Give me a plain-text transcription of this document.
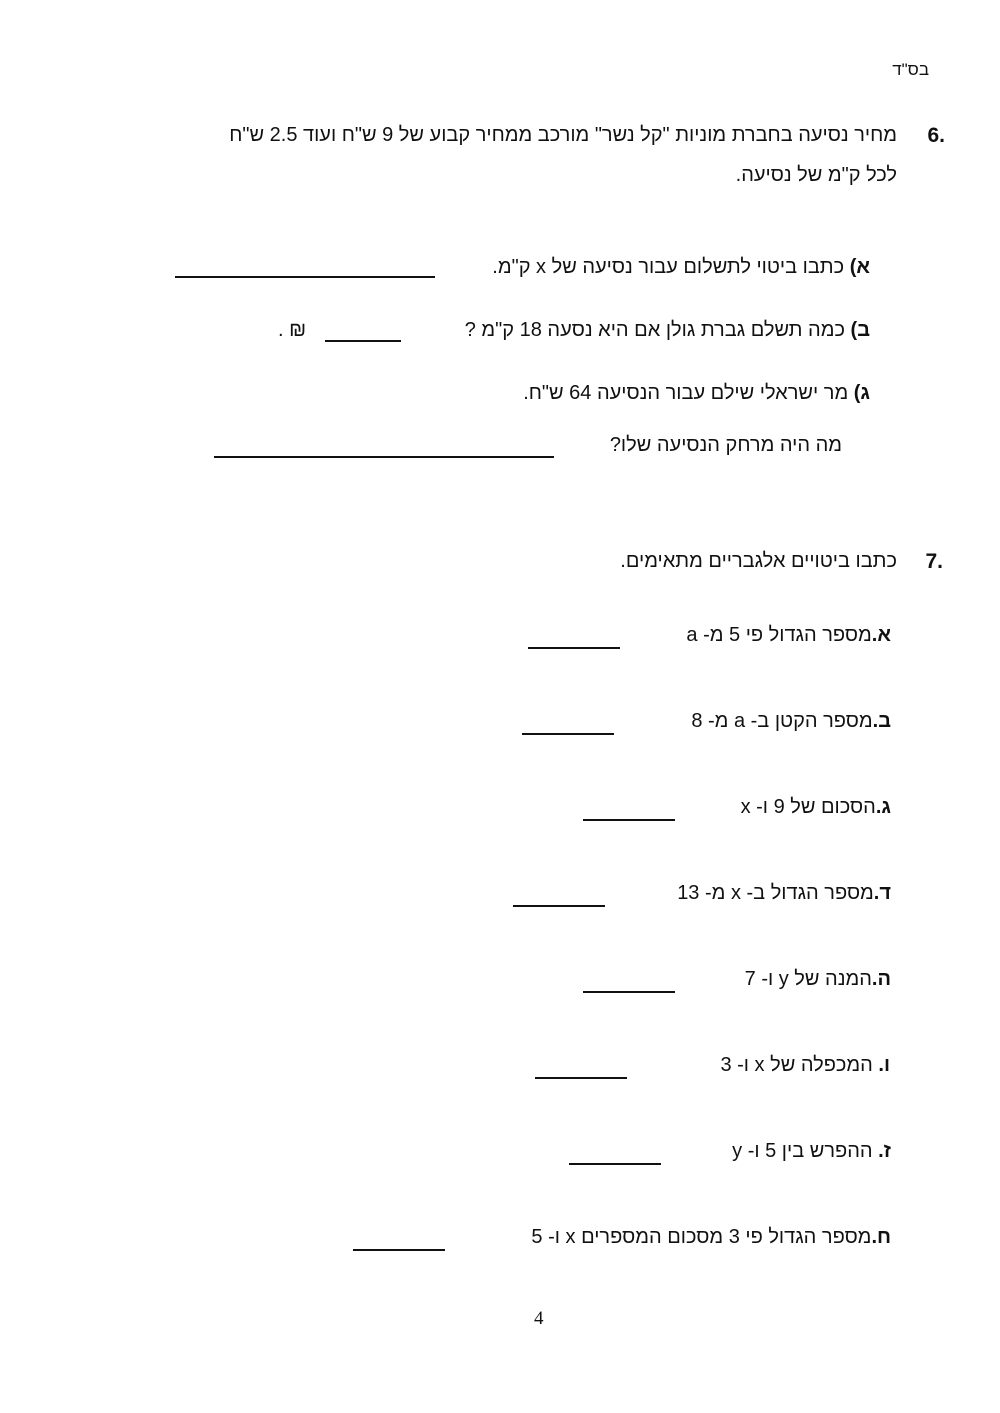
בס"ד
6.
מחיר נסיעה בחברת מוניות "קל נשר" מורכב ממחיר קבוע של 9 ש"ח ועוד 2.5 ש"ח
לכל ק"מ של נסיעה.
א) כתבו ביטוי לתשלום עבור נסיעה של x ק"מ.
ב) כמה תשלם גברת גולן אם היא נסעה 18 ק"מ ?
₪ .
ג) מר ישראלי שילם עבור הנסיעה 64 ש"ח.
מה היה מרחק הנסיעה שלו?
7.
כתבו ביטויים אלגבריים מתאימים.
א.מספר הגדול פי 5 מ- a
ב.מספר הקטן ב- a מ- 8
ג.הסכום של 9 ו- x
ד.מספר הגדול ב- x מ- 13
ה.המנה של y ו- 7
ו. המכפלה של x ו- 3
ז. ההפרש בין 5 ו- y
ח.מספר הגדול פי 3 מסכום המספרים x ו- 5
4
